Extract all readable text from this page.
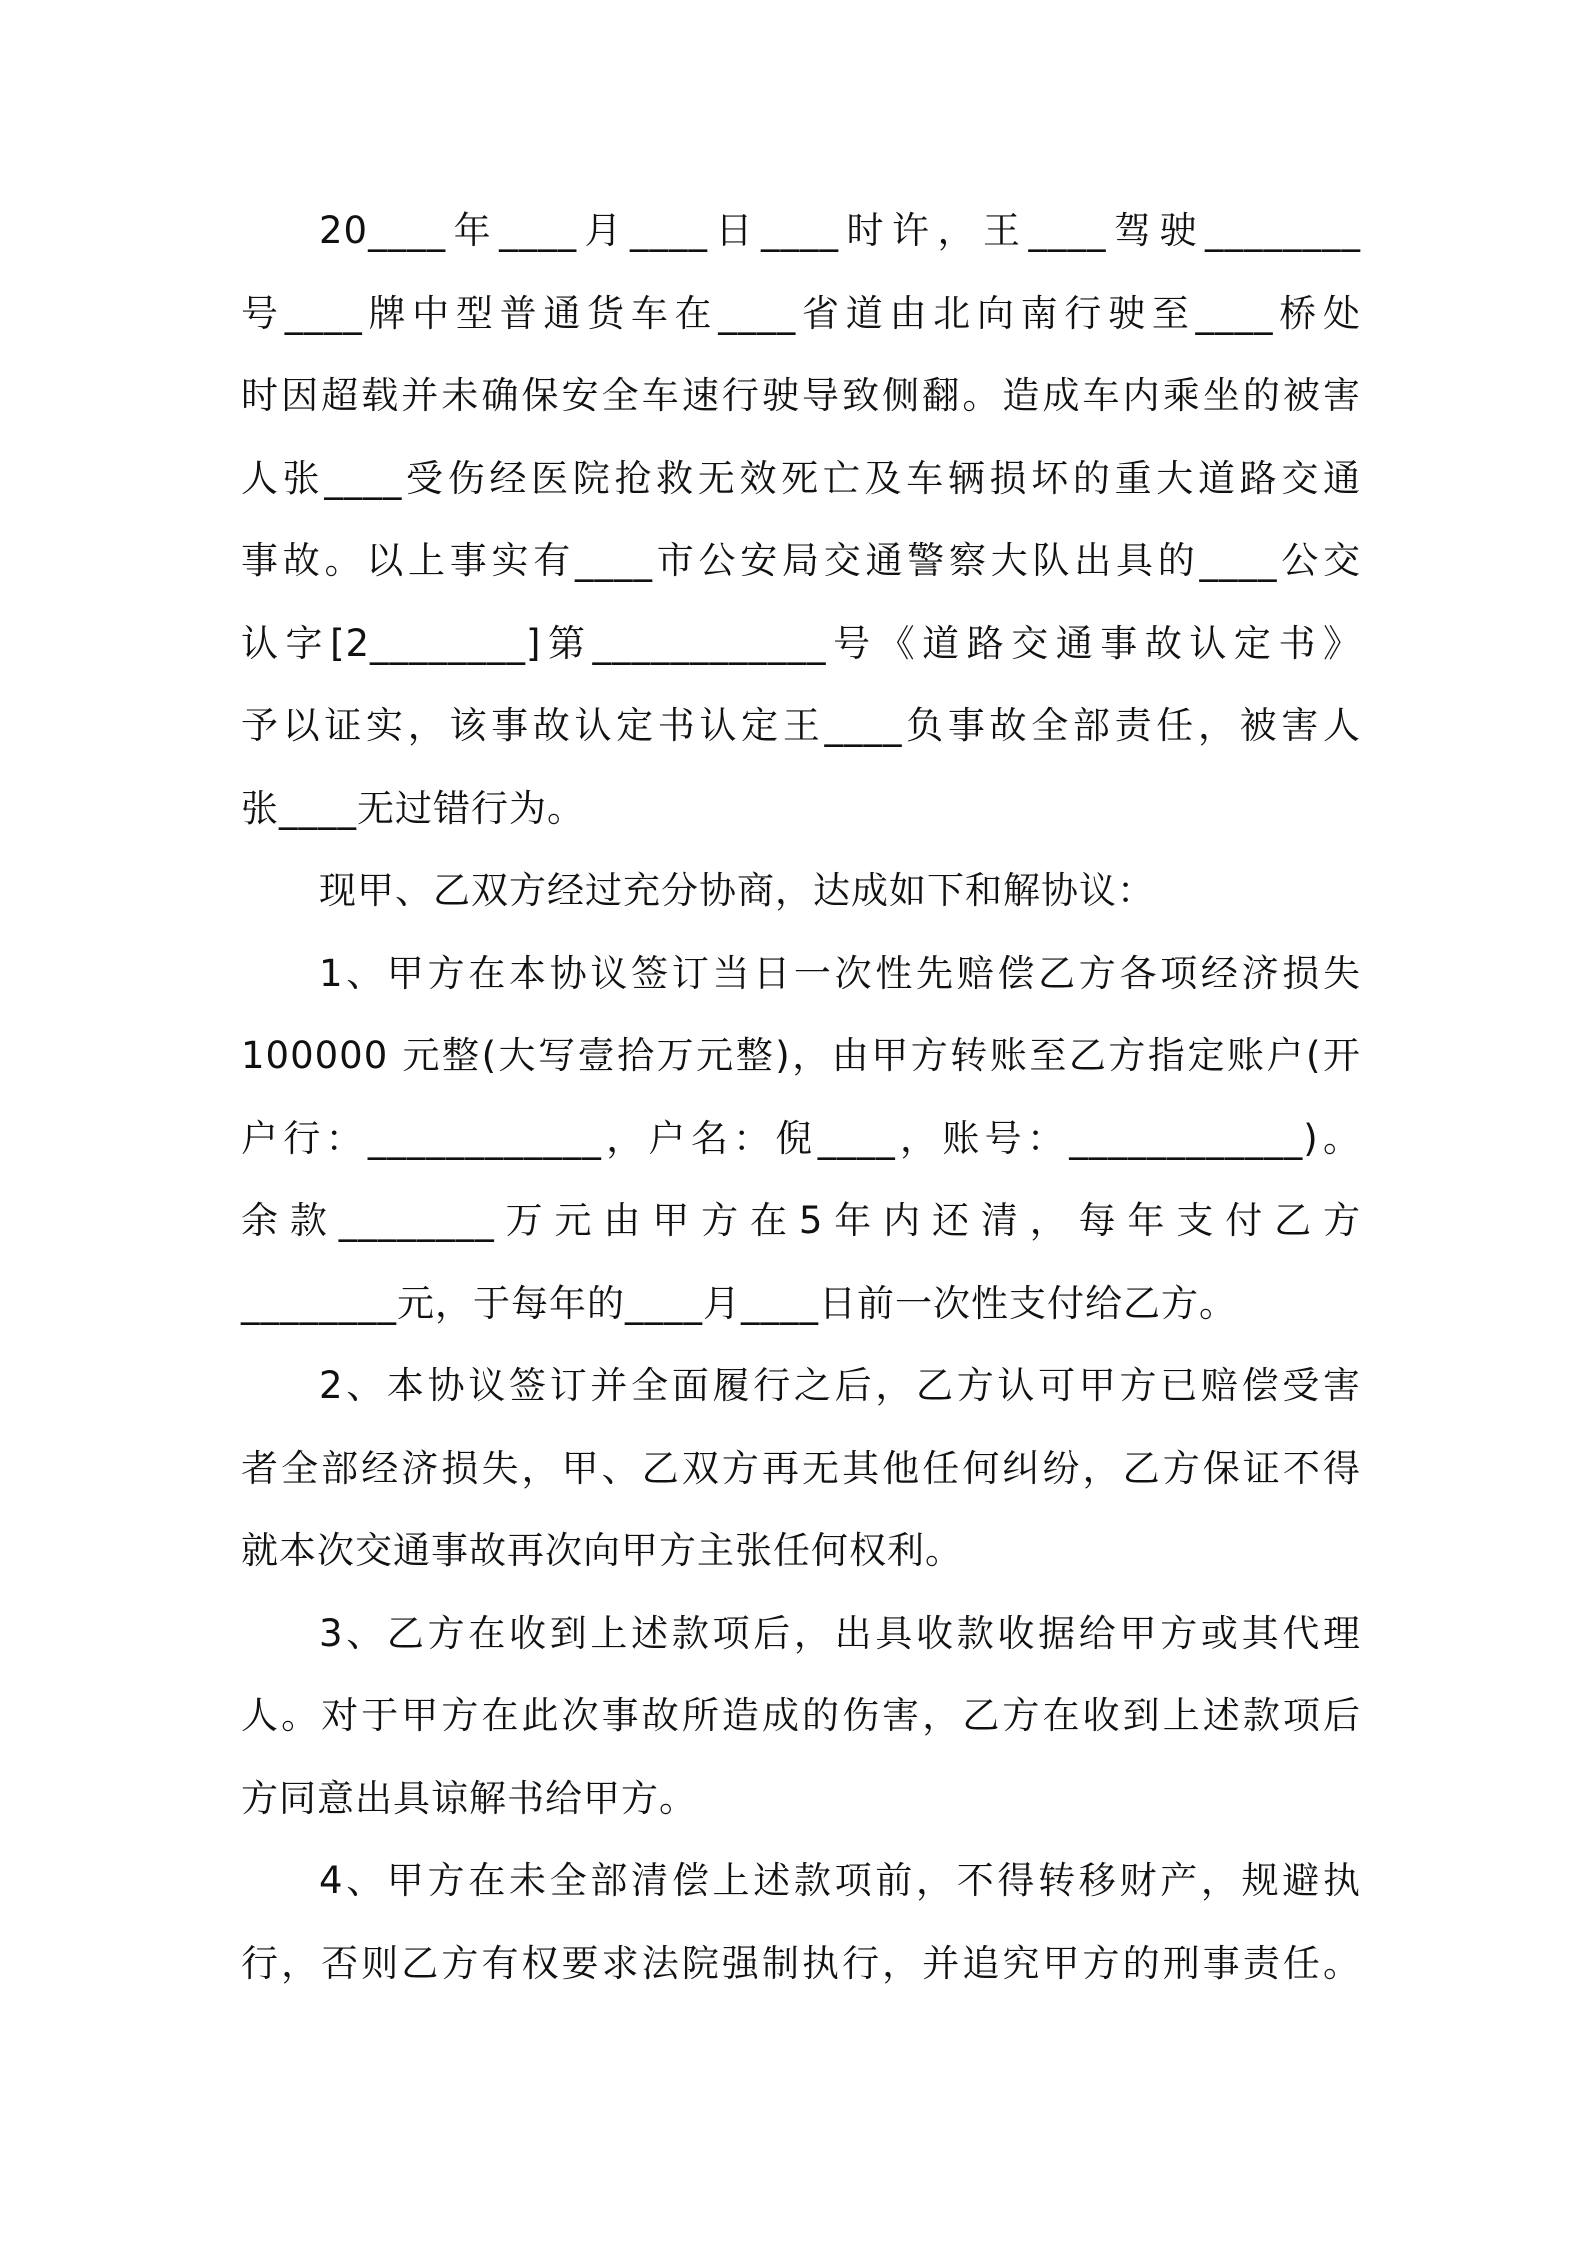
20____年____月____日____时许，王____驾驶________
号____牌中型普通货车在____省道由北向南行驶至____桥处
时因超载并未确保安全车速行驶导致侧翻。造成车内乘坐的被害
人张____受伤经医院抢救无效死亡及车辆损坏的重大道路交通
事故。以上事实有____市公安局交通警察大队出具的____公交
认字[2________]第____________号《道路交通事故认定书》
予以证实，该事故认定书认定王____负事故全部责任，被害人
张____无过错行为。
现甲、乙双方经过充分协商，达成如下和解协议：
1、甲方在本协议签订当日一次性先赔偿乙方各项经济损失
100000 元整(大写壹拾万元整)，由甲方转账至乙方指定账户(开
户行：____________，户名：倪____，账号：____________)。
余款________万元由甲方在5年内还清，每年支付乙方
________元，于每年的____月____日前一次性支付给乙方。
2、本协议签订并全面履行之后，乙方认可甲方已赔偿受害
者全部经济损失，甲、乙双方再无其他任何纠纷，乙方保证不得
就本次交通事故再次向甲方主张任何权利。
3、乙方在收到上述款项后，出具收款收据给甲方或其代理
人。对于甲方在此次事故所造成的伤害，乙方在收到上述款项后
方同意出具谅解书给甲方。
4、甲方在未全部清偿上述款项前，不得转移财产，规避执
行，否则乙方有权要求法院强制执行，并追究甲方的刑事责任。
